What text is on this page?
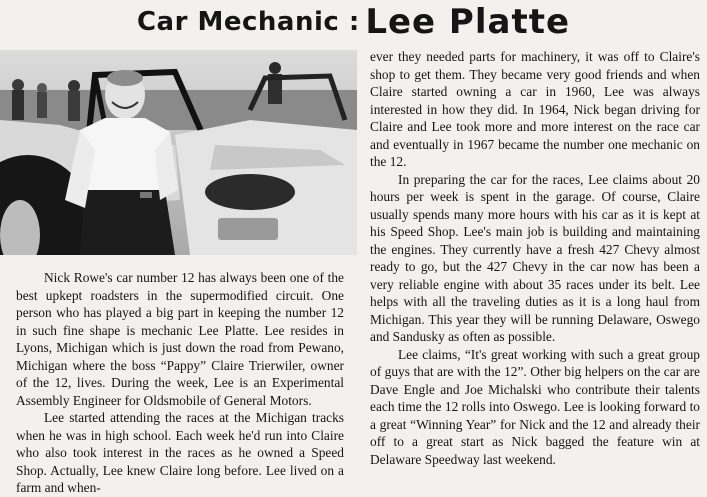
Car Mechanic : Lee Platte

Nick Rowe's car number 12 has always been one of the best upkept roadsters in the supermodified circuit. One person who has played a big part in keeping the number 12 in such fine shape is mechanic Lee Platte. Lee resides in Lyons, Michigan which is just down the road from Pewano, Michigan where the boss “Pappy” Claire Trierwiler, owner of the 12, lives. During the week, Lee is an Experimental Assembly Engineer for Oldsmobile of General Motors.

Lee started attending the races at the Michigan tracks when he was in high school. Each week he'd run into Claire who also took interest in the races as he owned a Speed Shop. Actually, Lee knew Claire long before. Lee lived on a farm and when-

ever they needed parts for machinery, it was off to Claire's shop to get them. They became very good friends and when Claire started owning a car in 1960, Lee was always interested in how they did. In 1964, Nick began driving for Claire and Lee took more and more interest on the race car and eventually in 1967 became the number one mechanic on the 12.

In preparing the car for the races, Lee claims about 20 hours per week is spent in the garage. Of course, Claire usually spends many more hours with his car as it is kept at his Speed Shop. Lee's main job is building and maintaining the engines. They currently have a fresh 427 Chevy almost ready to go, but the 427 Chevy in the car now has been a very reliable engine with about 35 races under its belt. Lee helps with all the traveling duties as it is a long haul from Michigan. This year they will be running Delaware, Oswego and Sandusky as often as possible.

Lee claims, “It's great working with such a great group of guys that are with the 12”. Other big helpers on the car are Dave Engle and Joe Michalski who contribute their talents each time the 12 rolls into Oswego. Lee is looking forward to a great “Winning Year” for Nick and the 12 and already their off to a great start as Nick bagged the feature win at Delaware Speedway last weekend.
